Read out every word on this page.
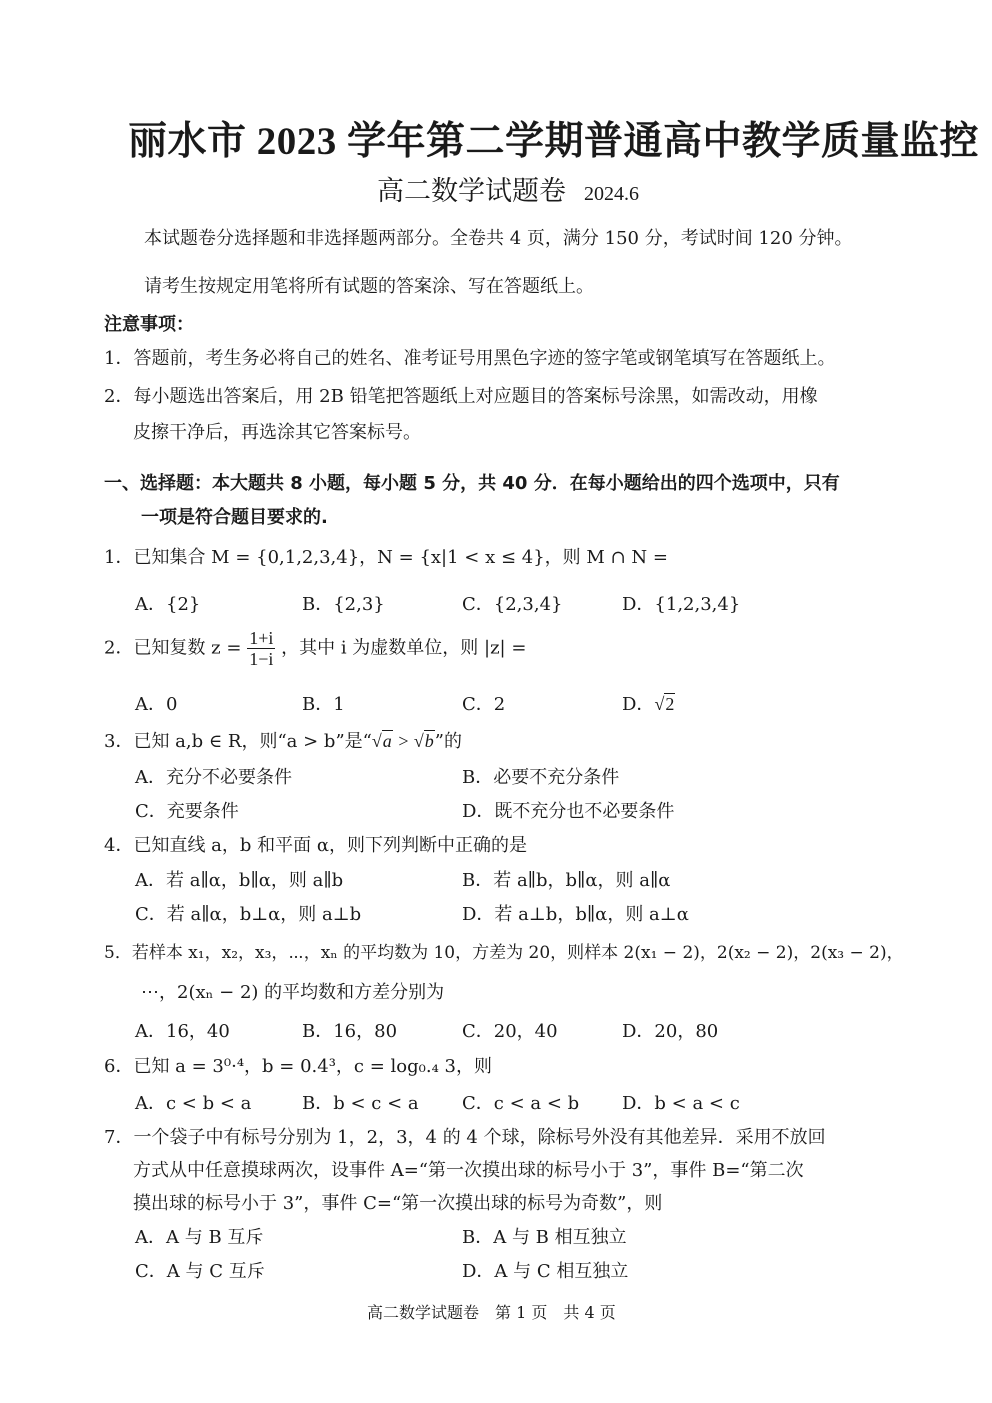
丽水市 2023 学年第二学期普通高中教学质量监控
高二数学试题卷 2024.6
本试题卷分选择题和非选择题两部分。全卷共 4 页，满分 150 分，考试时间 120 分钟。
请考生按规定用笔将所有试题的答案涂、写在答题纸上。
注意事项：
1．答题前，考生务必将自己的姓名、准考证号用黑色字迹的签字笔或钢笔填写在答题纸上。
2．每小题选出答案后，用 2B 铅笔把答题纸上对应题目的答案标号涂黑，如需改动，用橡
皮擦干净后，再选涂其它答案标号。
一、选择题：本大题共 8 小题，每小题 5 分，共 40 分．在每小题给出的四个选项中，只有
一项是符合题目要求的.
1．已知集合 M = {0,1,2,3,4}，N = {x|1 < x ≤ 4}，则 M ∩ N =
A．{2}	B．{2,3}	C．{2,3,4}	D．{1,2,3,4}
2．已知复数 $z = \frac{1+i}{1-i}$ ，其中 i 为虚数单位，则 |z| =
A．0	B．1	C．2	D．√2
3．已知 a,b ∈ R，则“a > b”是“√a > √b”的
A．充分不必要条件	B．必要不充分条件
C．充要条件	D．既不充分也不必要条件
4．已知直线 a，b 和平面 α，则下列判断中正确的是
A．若 a∥α，b∥α，则 a∥b	B．若 a∥b，b∥α，则 a∥α
C．若 a∥α，b⊥α，则 a⊥b	D．若 a⊥b，b∥α，则 a⊥α
5．若样本 x₁，x₂，x₃，⋯，xₙ 的平均数为 10，方差为 20，则样本 2(x₁ − 2)，2(x₂ − 2)，2(x₃ − 2)，
⋯，2(xₙ − 2) 的平均数和方差分别为
A．16，40	B．16，80	C．20，40	D．20，80
6．已知 a = 3⁰·⁴，b = 0.4³，c = log₀.₄ 3，则
A．c < b < a	B．b < c < a C．c < a < b D．b < a < c
7．一个袋子中有标号分别为 1，2，3，4 的 4 个球，除标号外没有其他差异．采用不放回
方式从中任意摸球两次，设事件 A=“第一次摸出球的标号小于 3”，事件 B=“第二次
摸出球的标号小于 3”，事件 C=“第一次摸出球的标号为奇数”，则
A．A 与 B 互斥	B．A 与 B 相互独立
C．A 与 C 互斥	D．A 与 C 相互独立
高二数学试题卷　第 1 页　共 4 页
